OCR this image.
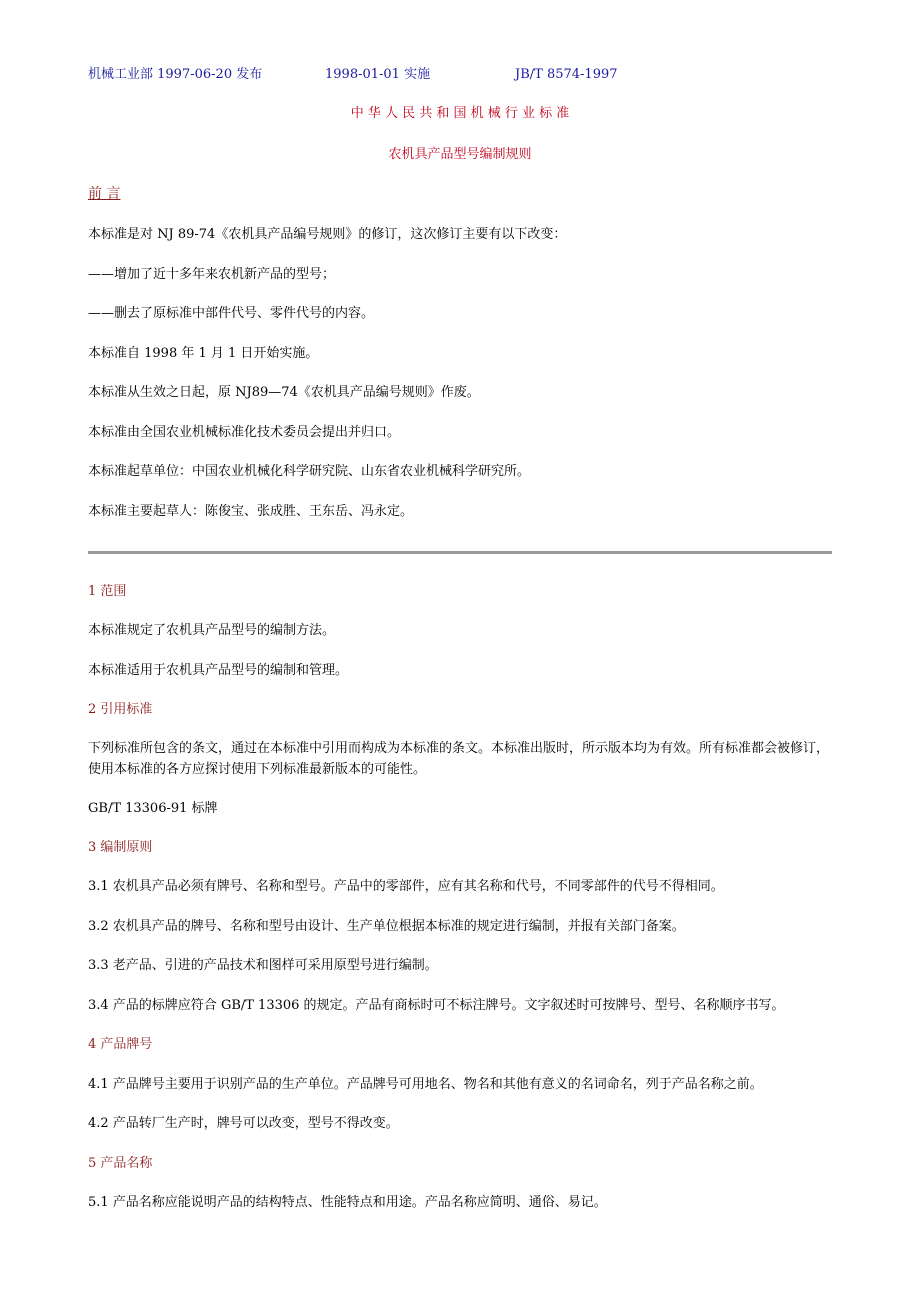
机械工业部 1997-06-20 发布	1998-01-01 实施	JB/T 8574-1997
中 华 人 民 共 和 国 机 械 行 业 标 准
农机具产品型号编制规则
前 言
本标准是对 NJ 89-74《农机具产品编号规则》的修订，这次修订主要有以下改变：
——增加了近十多年来农机新产品的型号；
——删去了原标准中部件代号、零件代号的内容。
本标准自 1998 年 1 月 1 日开始实施。
本标准从生效之日起，原 NJ89—74《农机具产品编号规则》作废。
本标准由全国农业机械标准化技术委员会提出并归口。
本标准起草单位：中国农业机械化科学研究院、山东省农业机械科学研究所。
本标准主要起草人：陈俊宝、张成胜、王东岳、冯永定。
1 范围
本标准规定了农机具产品型号的编制方法。
本标准适用于农机具产品型号的编制和管理。
2 引用标准
下列标准所包含的条文，通过在本标准中引用而构成为本标准的条文。本标准出版时，所示版本均为有效。所有标准都会被修订，使用本标准的各方应探讨使用下列标准最新版本的可能性。
GB/T 13306-91 标牌
3 编制原则
3.1 农机具产品必须有牌号、名称和型号。产品中的零部件，应有其名称和代号，不同零部件的代号不得相同。
3.2 农机具产品的牌号、名称和型号由设计、生产单位根据本标准的规定进行编制，并报有关部门备案。
3.3 老产品、引进的产品技术和图样可采用原型号进行编制。
3.4 产品的标牌应符合 GB/T 13306 的规定。产品有商标时可不标注牌号。文字叙述时可按牌号、型号、名称顺序书写。
4 产品牌号
4.1 产品牌号主要用于识别产品的生产单位。产品牌号可用地名、物名和其他有意义的名词命名，列于产品名称之前。
4.2 产品转厂生产时，牌号可以改变，型号不得改变。
5 产品名称
5.1 产品名称应能说明产品的结构特点、性能特点和用途。产品名称应简明、通俗、易记。
